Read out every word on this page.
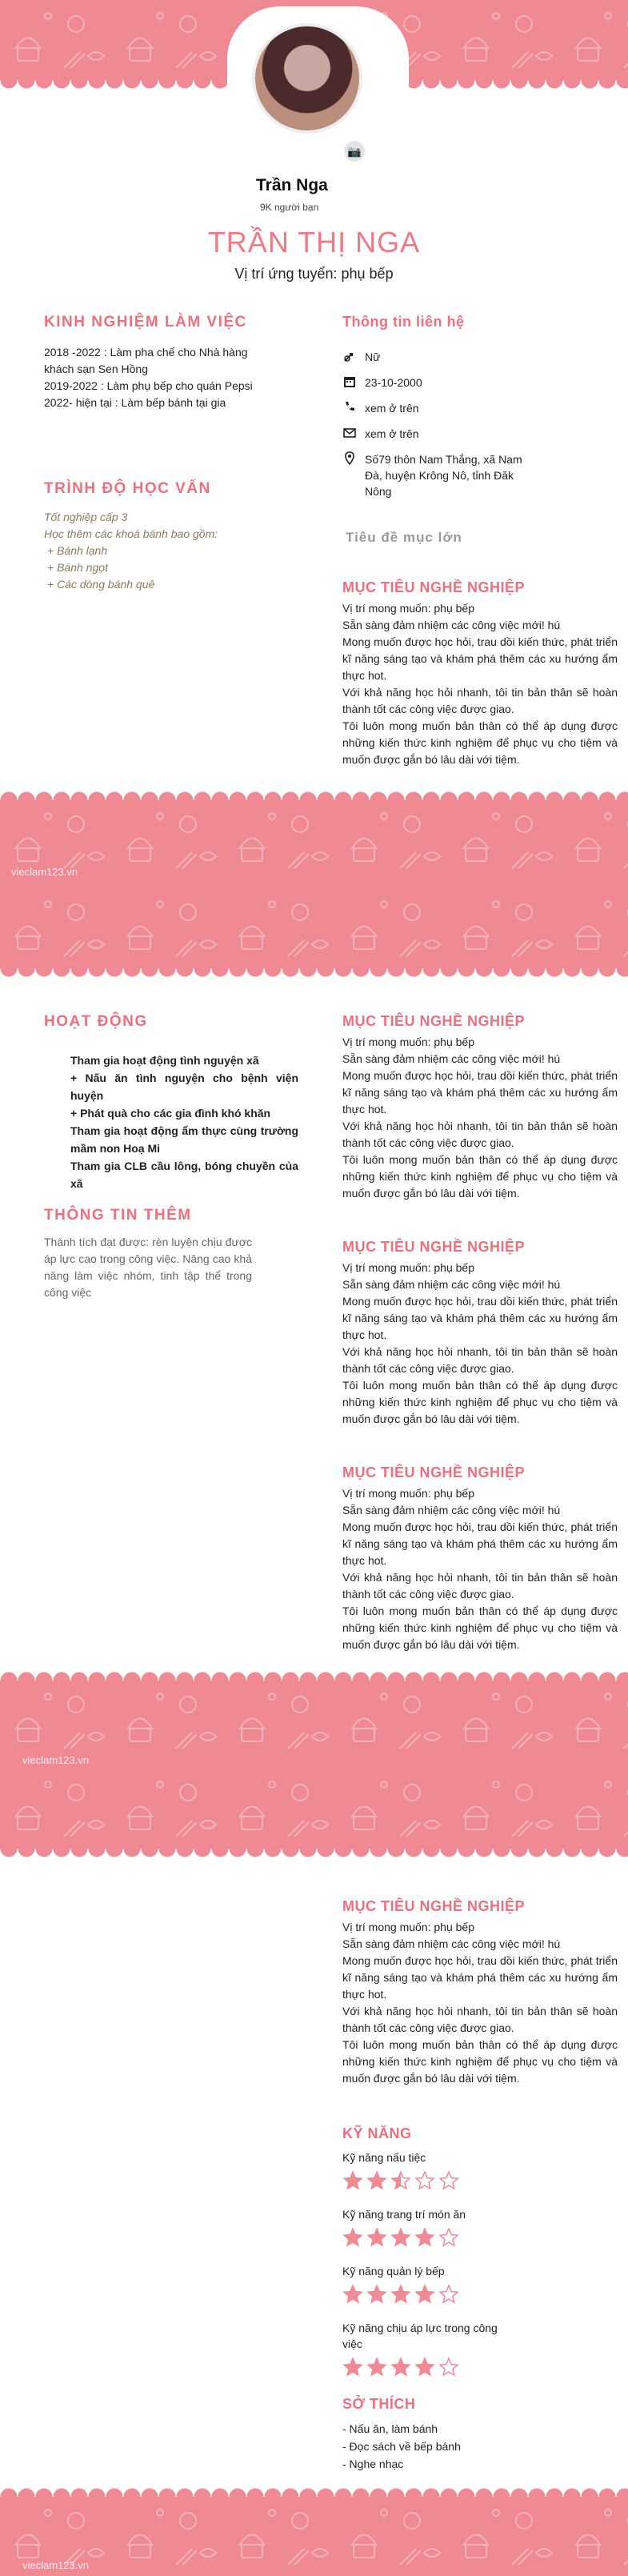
📷
Trần Nga
9K người bạn
TRẦN THỊ NGA
Vị trí ứng tuyển: phụ bếp
KINH NGHIỆM LÀM VIỆC
2018 -2022 : Làm pha chế cho Nhà hàng khách sạn Sen Hồng
2019-2022 : Làm phụ bếp cho quán Pepsi
2022- hiện tại : Làm bếp bánh tại gia
TRÌNH ĐỘ HỌC VẤN
Tốt nghiệp cấp 3
Học thêm các khoá bánh bao gồm:
+ Bánh lạnh
+ Bánh ngọt
+ Các dòng bánh quê
Thông tin liên hệ
Nữ
23-10-2000
xem ở trên
xem ở trên
Số79 thôn Nam Thắng, xã Nam Đà, huyện Krông Nô, tỉnh Đăk Nông
Tiêu đề mục lớn
MỤC TIÊU NGHỀ NGHIỆP

Vị trí mong muốn: phụ bếp

Sẵn sàng đảm nhiệm các công việc mới! hú

Mong muốn được học hỏi, trau dồi kiến thức, phát triển kĩ năng sáng tạo và khám phá thêm các xu hướng ẩm thực hot.

Với khả năng học hỏi nhanh, tôi tin bản thân sẽ hoàn thành tốt các công việc được giao.

Tôi luôn mong muốn bản thân có thể áp dụng được những kiến thức kinh nghiệm để phục vụ cho tiệm và muốn được gắn bó lâu dài với tiệm.

vieclam123.vn
HOẠT ĐỘNG
Tham gia hoạt động tình nguyện xã
+ Nấu ăn tình nguyện cho bệnh viện huyện
+ Phát quà cho các gia đình khó khăn
Tham gia hoạt động ẩm thực cùng trường mầm non Hoạ Mi
Tham gia CLB cầu lông, bóng chuyền của xã
THÔNG TIN THÊM
Thành tích đạt được: rèn luyện chịu được áp lực cao trong công việc. Nâng cao khả năng làm việc nhóm, tinh tập thể trong công việc
MỤC TIÊU NGHỀ NGHIỆP

Vị trí mong muốn: phụ bếp

Sẵn sàng đảm nhiệm các công việc mới! hú

Mong muốn được học hỏi, trau dồi kiến thức, phát triển kĩ năng sáng tạo và khám phá thêm các xu hướng ẩm thực hot.

Với khả năng học hỏi nhanh, tôi tin bản thân sẽ hoàn thành tốt các công việc được giao.

Tôi luôn mong muốn bản thân có thể áp dụng được những kiến thức kinh nghiệm để phục vụ cho tiệm và muốn được gắn bó lâu dài với tiệm.

MỤC TIÊU NGHỀ NGHIỆP

Vị trí mong muốn: phụ bếp

Sẵn sàng đảm nhiệm các công việc mới! hú

Mong muốn được học hỏi, trau dồi kiến thức, phát triển kĩ năng sáng tạo và khám phá thêm các xu hướng ẩm thực hot.

Với khả năng học hỏi nhanh, tôi tin bản thân sẽ hoàn thành tốt các công việc được giao.

Tôi luôn mong muốn bản thân có thể áp dụng được những kiến thức kinh nghiệm để phục vụ cho tiệm và muốn được gắn bó lâu dài với tiệm.

MỤC TIÊU NGHỀ NGHIỆP

Vị trí mong muốn: phụ bếp

Sẵn sàng đảm nhiệm các công việc mới! hú

Mong muốn được học hỏi, trau dồi kiến thức, phát triển kĩ năng sáng tạo và khám phá thêm các xu hướng ẩm thực hot.

Với khả năng học hỏi nhanh, tôi tin bản thân sẽ hoàn thành tốt các công việc được giao.

Tôi luôn mong muốn bản thân có thể áp dụng được những kiến thức kinh nghiệm để phục vụ cho tiệm và muốn được gắn bó lâu dài với tiệm.

vieclam123.vn
MỤC TIÊU NGHỀ NGHIỆP

Vị trí mong muốn: phụ bếp

Sẵn sàng đảm nhiệm các công việc mới! hú

Mong muốn được học hỏi, trau dồi kiến thức, phát triển kĩ năng sáng tạo và khám phá thêm các xu hướng ẩm thực hot.

Với khả năng học hỏi nhanh, tôi tin bản thân sẽ hoàn thành tốt các công việc được giao.

Tôi luôn mong muốn bản thân có thể áp dụng được những kiến thức kinh nghiệm để phục vụ cho tiệm và muốn được gắn bó lâu dài với tiệm.

KỸ NĂNG
Kỹ năng nấu tiệc
Kỹ năng trang trí món ăn
Kỹ năng quản lý bếp
Kỹ năng chịu áp lực trong công việc
SỞ THÍCH
- Nấu ăn, làm bánh
- Đọc sách về bếp bánh
- Nghe nhạc
vieclam123.vn
